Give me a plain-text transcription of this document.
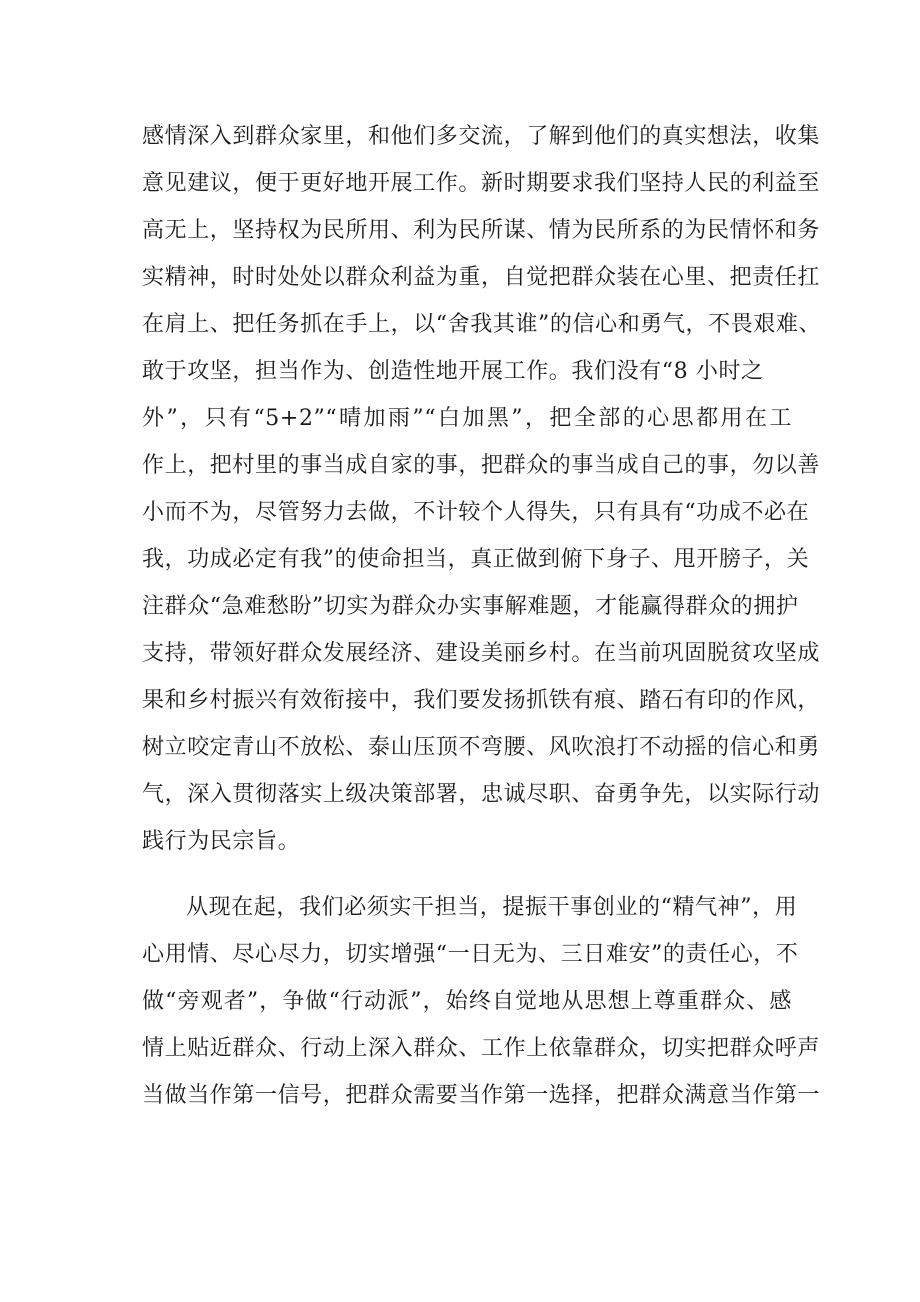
感情深入到群众家里，和他们多交流，了解到他们的真实想法，收集
意见建议，便于更好地开展工作。新时期要求我们坚持人民的利益至
高无上，坚持权为民所用、利为民所谋、情为民所系的为民情怀和务
实精神，时时处处以群众利益为重，自觉把群众装在心里、把责任扛
在肩上、把任务抓在手上，以“舍我其谁”的信心和勇气，不畏艰难、
敢于攻坚，担当作为、创造性地开展工作。我们没有“8 小时之
外”，只有“5+2”“晴加雨”“白加黑”，把全部的心思都用在工
作上，把村里的事当成自家的事，把群众的事当成自己的事，勿以善
小而不为，尽管努力去做，不计较个人得失，只有具有“功成不必在
我，功成必定有我”的使命担当，真正做到俯下身子、甩开膀子，关
注群众“急难愁盼”切实为群众办实事解难题，才能赢得群众的拥护
支持，带领好群众发展经济、建设美丽乡村。在当前巩固脱贫攻坚成
果和乡村振兴有效衔接中，我们要发扬抓铁有痕、踏石有印的作风，
树立咬定青山不放松、泰山压顶不弯腰、风吹浪打不动摇的信心和勇
气，深入贯彻落实上级决策部署，忠诚尽职、奋勇争先，以实际行动
践行为民宗旨。
从现在起，我们必须实干担当，提振干事创业的“精气神”，用
心用情、尽心尽力，切实增强“一日无为、三日难安”的责任心，不
做“旁观者”，争做“行动派”，始终自觉地从思想上尊重群众、感
情上贴近群众、行动上深入群众、工作上依靠群众，切实把群众呼声
当做当作第一信号，把群众需要当作第一选择，把群众满意当作第一
